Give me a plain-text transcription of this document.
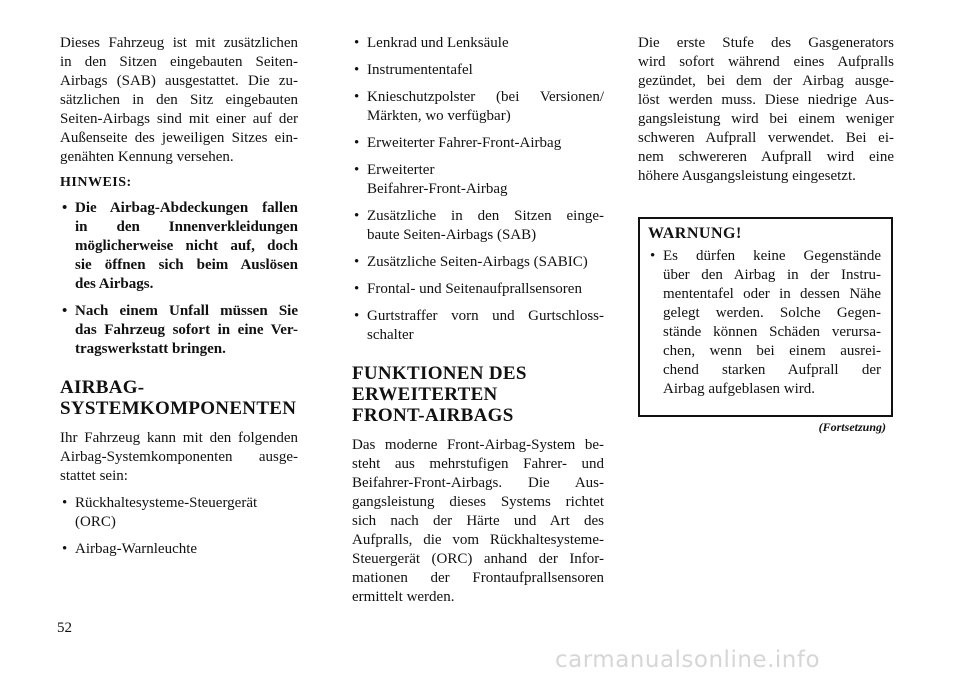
Dieses Fahrzeug ist mit zusätzlichen
in den Sitzen eingebauten Seiten-
Airbags (SAB) ausgestattet. Die zu-
sätzlichen in den Sitz eingebauten
Seiten-Airbags sind mit einer auf der
Außenseite des jeweiligen Sitzes ein-
genähten Kennung versehen.
HINWEIS:
• Die Airbag-Abdeckungen fallen
in den Innenverkleidungen
möglicherweise nicht auf, doch
sie öffnen sich beim Auslösen
des Airbags.
• Nach einem Unfall müssen Sie
das Fahrzeug sofort in eine Ver-
tragswerkstatt bringen.
AIRBAG-
SYSTEMKOMPONENTEN
Ihr Fahrzeug kann mit den folgenden
Airbag-Systemkomponenten ausge-
stattet sein:
• Rückhaltesysteme-Steuergerät
(ORC)
• Airbag-Warnleuchte
• Lenkrad und Lenksäule
• Instrumententafel
• Knieschutzpolster (bei Versionen/
Märkten, wo verfügbar)
• Erweiterter Fahrer-Front-Airbag
• Erweiterter
Beifahrer-Front-Airbag
• Zusätzliche in den Sitzen einge-
baute Seiten-Airbags (SAB)
• Zusätzliche Seiten-Airbags (SABIC)
• Frontal- und Seitenaufprallsensoren
• Gurtstraffer vorn und Gurtschloss-
schalter
FUNKTIONEN DES
ERWEITERTEN
FRONT-AIRBAGS
Das moderne Front-Airbag-System be-
steht aus mehrstufigen Fahrer- und
Beifahrer-Front-Airbags. Die Aus-
gangsleistung dieses Systems richtet
sich nach der Härte und Art des
Aufpralls, die vom Rückhaltesysteme-
Steuergerät (ORC) anhand der Infor-
mationen der Frontaufprallsensoren
ermittelt werden.
Die erste Stufe des Gasgenerators
wird sofort während eines Aufpralls
gezündet, bei dem der Airbag ausge-
löst werden muss. Diese niedrige Aus-
gangsleistung wird bei einem weniger
schweren Aufprall verwendet. Bei ei-
nem schwereren Aufprall wird eine
höhere Ausgangsleistung eingesetzt.
WARNUNG!
• Es dürfen keine Gegenstände
über den Airbag in der Instru-
mententafel oder in dessen Nähe
gelegt werden. Solche Gegen-
stände können Schäden verursa-
chen, wenn bei einem ausrei-
chend starken Aufprall der
Airbag aufgeblasen wird.
(Fortsetzung)
52
carmanualsonline.info
